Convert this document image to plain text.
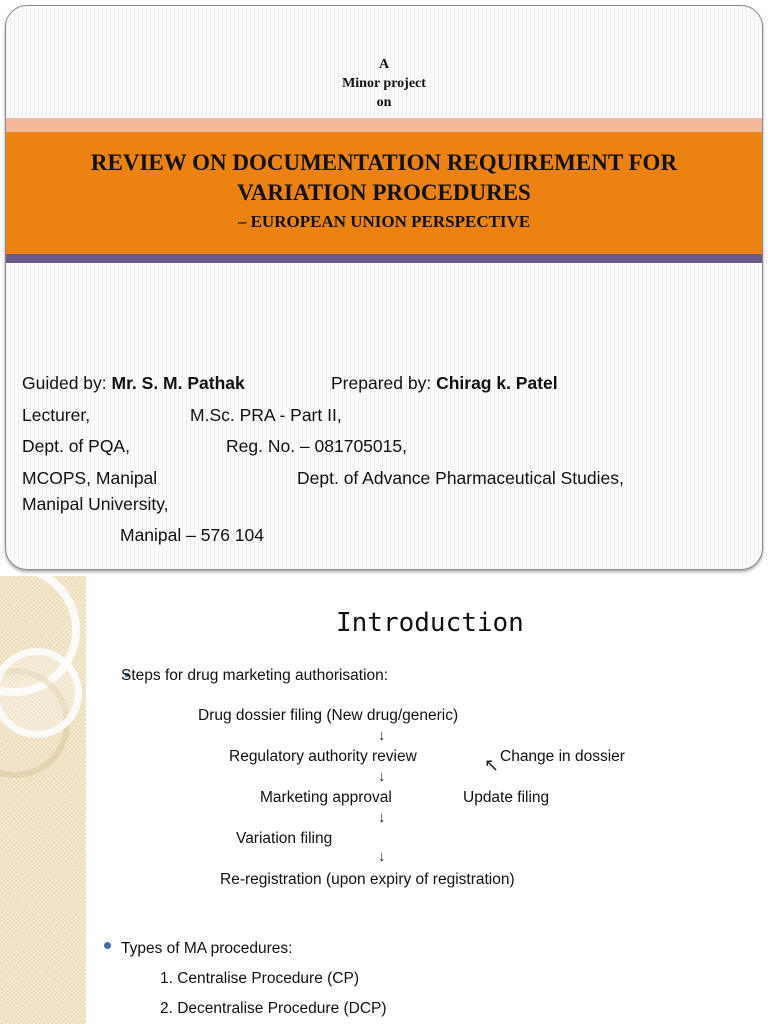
A
Minor project
on
REVIEW ON DOCUMENTATION REQUIREMENT FOR
VARIATION PROCEDURES
– EUROPEAN UNION PERSPECTIVE
Guided by: Mr. S. M. Pathak	Prepared by: Chirag k. Patel
Lecturer,	M.Sc. PRA - Part II,
Dept. of PQA,	Reg. No. – 081705015,
MCOPS, Manipal	Dept. of Advance Pharmaceutical Studies,
Manipal University,
Manipal – 576 104
Introduction
Steps for drug marketing authorisation:
Drug dossier filing (New drug/generic)
↓
Regulatory authority review	↖ Change in dossier
↓
Marketing approval	Update filing
↓
Variation filing
↓
Re-registration (upon expiry of registration)
Types of MA procedures:
1. Centralise Procedure (CP)
2. Decentralise Procedure (DCP)
